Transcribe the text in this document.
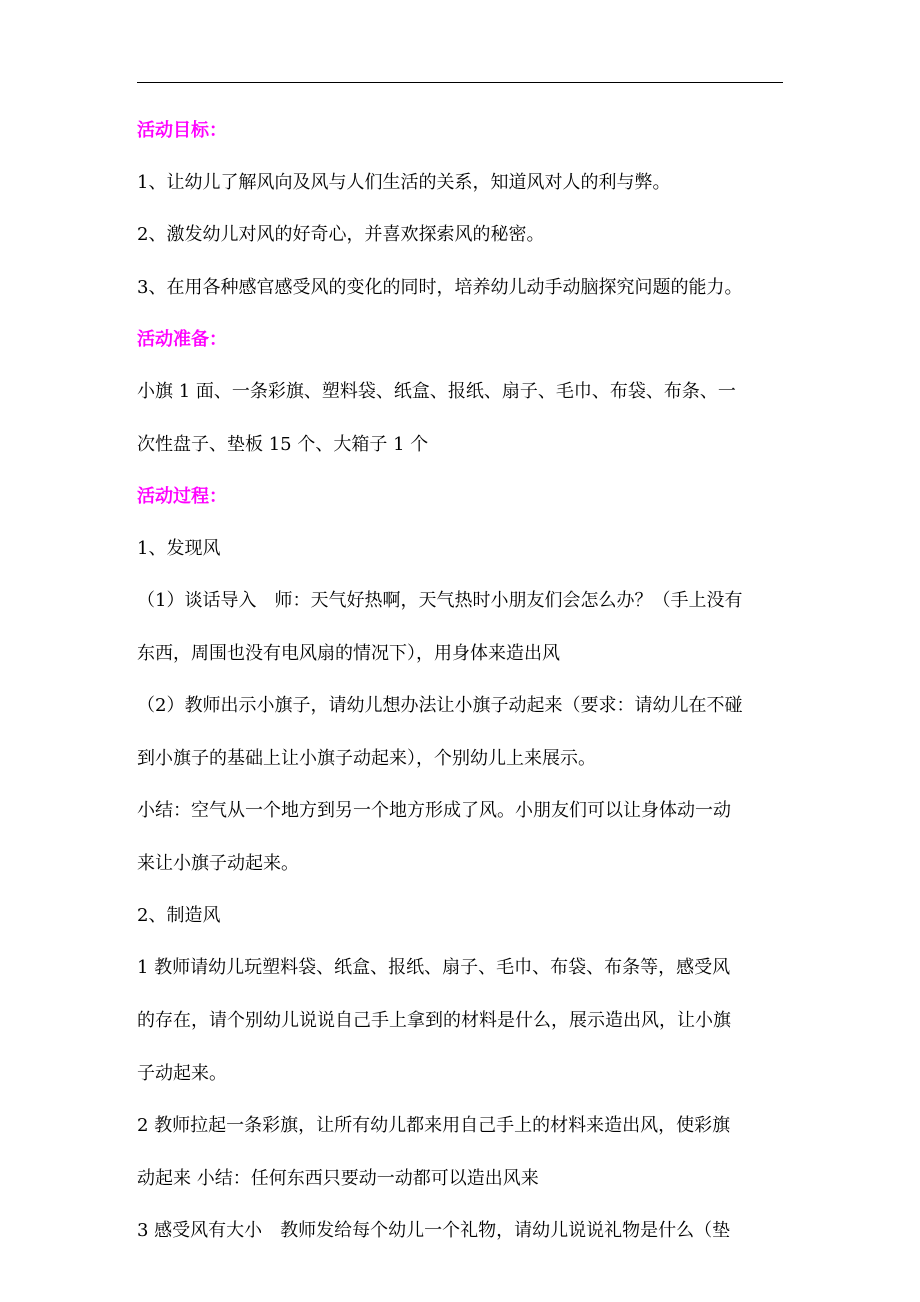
活动目标：
1、让幼儿了解风向及风与人们生活的关系，知道风对人的利与弊。
2、激发幼儿对风的好奇心，并喜欢探索风的秘密。
3、在用各种感官感受风的变化的同时，培养幼儿动手动脑探究问题的能力。
活动准备：
小旗 1 面、一条彩旗、塑料袋、纸盒、报纸、扇子、毛巾、布袋、布条、一
次性盘子、垫板 15 个、大箱子 1 个
活动过程：
1、发现风
（1）谈话导入　师：天气好热啊，天气热时小朋友们会怎么办？（手上没有
东西，周围也没有电风扇的情况下），用身体来造出风
（2）教师出示小旗子，请幼儿想办法让小旗子动起来（要求：请幼儿在不碰
到小旗子的基础上让小旗子动起来），个别幼儿上来展示。
小结：空气从一个地方到另一个地方形成了风。小朋友们可以让身体动一动
来让小旗子动起来。
2、制造风
1 教师请幼儿玩塑料袋、纸盒、报纸、扇子、毛巾、布袋、布条等，感受风
的存在，请个别幼儿说说自己手上拿到的材料是什么，展示造出风，让小旗
子动起来。
2 教师拉起一条彩旗，让所有幼儿都来用自己手上的材料来造出风，使彩旗
动起来 小结：任何东西只要动一动都可以造出风来
3 感受风有大小　教师发给每个幼儿一个礼物，请幼儿说说礼物是什么（垫
